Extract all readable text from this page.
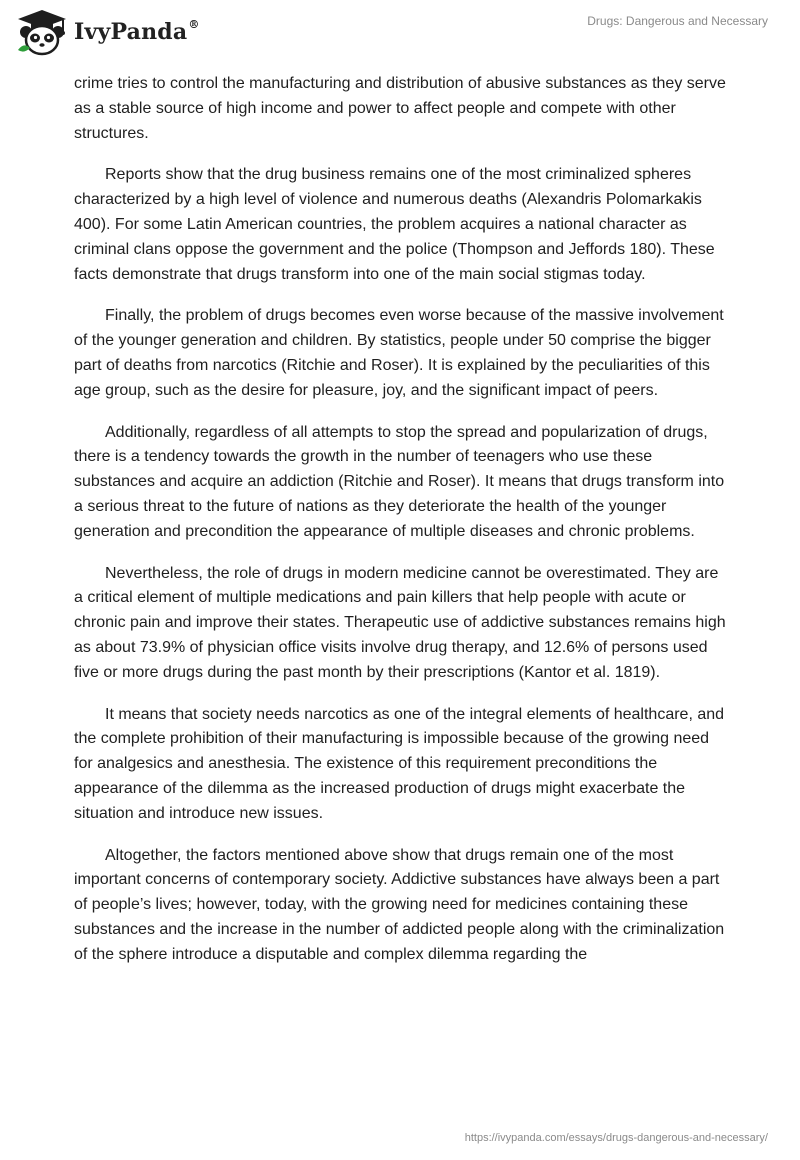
IvyPanda®	Drugs: Dangerous and Necessary

crime tries to control the manufacturing and distribution of abusive substances as they serve as a stable source of high income and power to affect people and compete with other structures.

Reports show that the drug business remains one of the most criminalized spheres characterized by a high level of violence and numerous deaths (Alexandris Polomarkakis 400). For some Latin American countries, the problem acquires a national character as criminal clans oppose the government and the police (Thompson and Jeffords 180). These facts demonstrate that drugs transform into one of the main social stigmas today.

Finally, the problem of drugs becomes even worse because of the massive involvement of the younger generation and children. By statistics, people under 50 comprise the bigger part of deaths from narcotics (Ritchie and Roser). It is explained by the peculiarities of this age group, such as the desire for pleasure, joy, and the significant impact of peers.

Additionally, regardless of all attempts to stop the spread and popularization of drugs, there is a tendency towards the growth in the number of teenagers who use these substances and acquire an addiction (Ritchie and Roser). It means that drugs transform into a serious threat to the future of nations as they deteriorate the health of the younger generation and precondition the appearance of multiple diseases and chronic problems.

Nevertheless, the role of drugs in modern medicine cannot be overestimated. They are a critical element of multiple medications and pain killers that help people with acute or chronic pain and improve their states. Therapeutic use of addictive substances remains high as about 73.9% of physician office visits involve drug therapy, and 12.6% of persons used five or more drugs during the past month by their prescriptions (Kantor et al. 1819).

It means that society needs narcotics as one of the integral elements of healthcare, and the complete prohibition of their manufacturing is impossible because of the growing need for analgesics and anesthesia. The existence of this requirement preconditions the appearance of the dilemma as the increased production of drugs might exacerbate the situation and introduce new issues.

Altogether, the factors mentioned above show that drugs remain one of the most important concerns of contemporary society. Addictive substances have always been a part of people’s lives; however, today, with the growing need for medicines containing these substances and the increase in the number of addicted people along with the criminalization of the sphere introduce a disputable and complex dilemma regarding the

https://ivypanda.com/essays/drugs-dangerous-and-necessary/
